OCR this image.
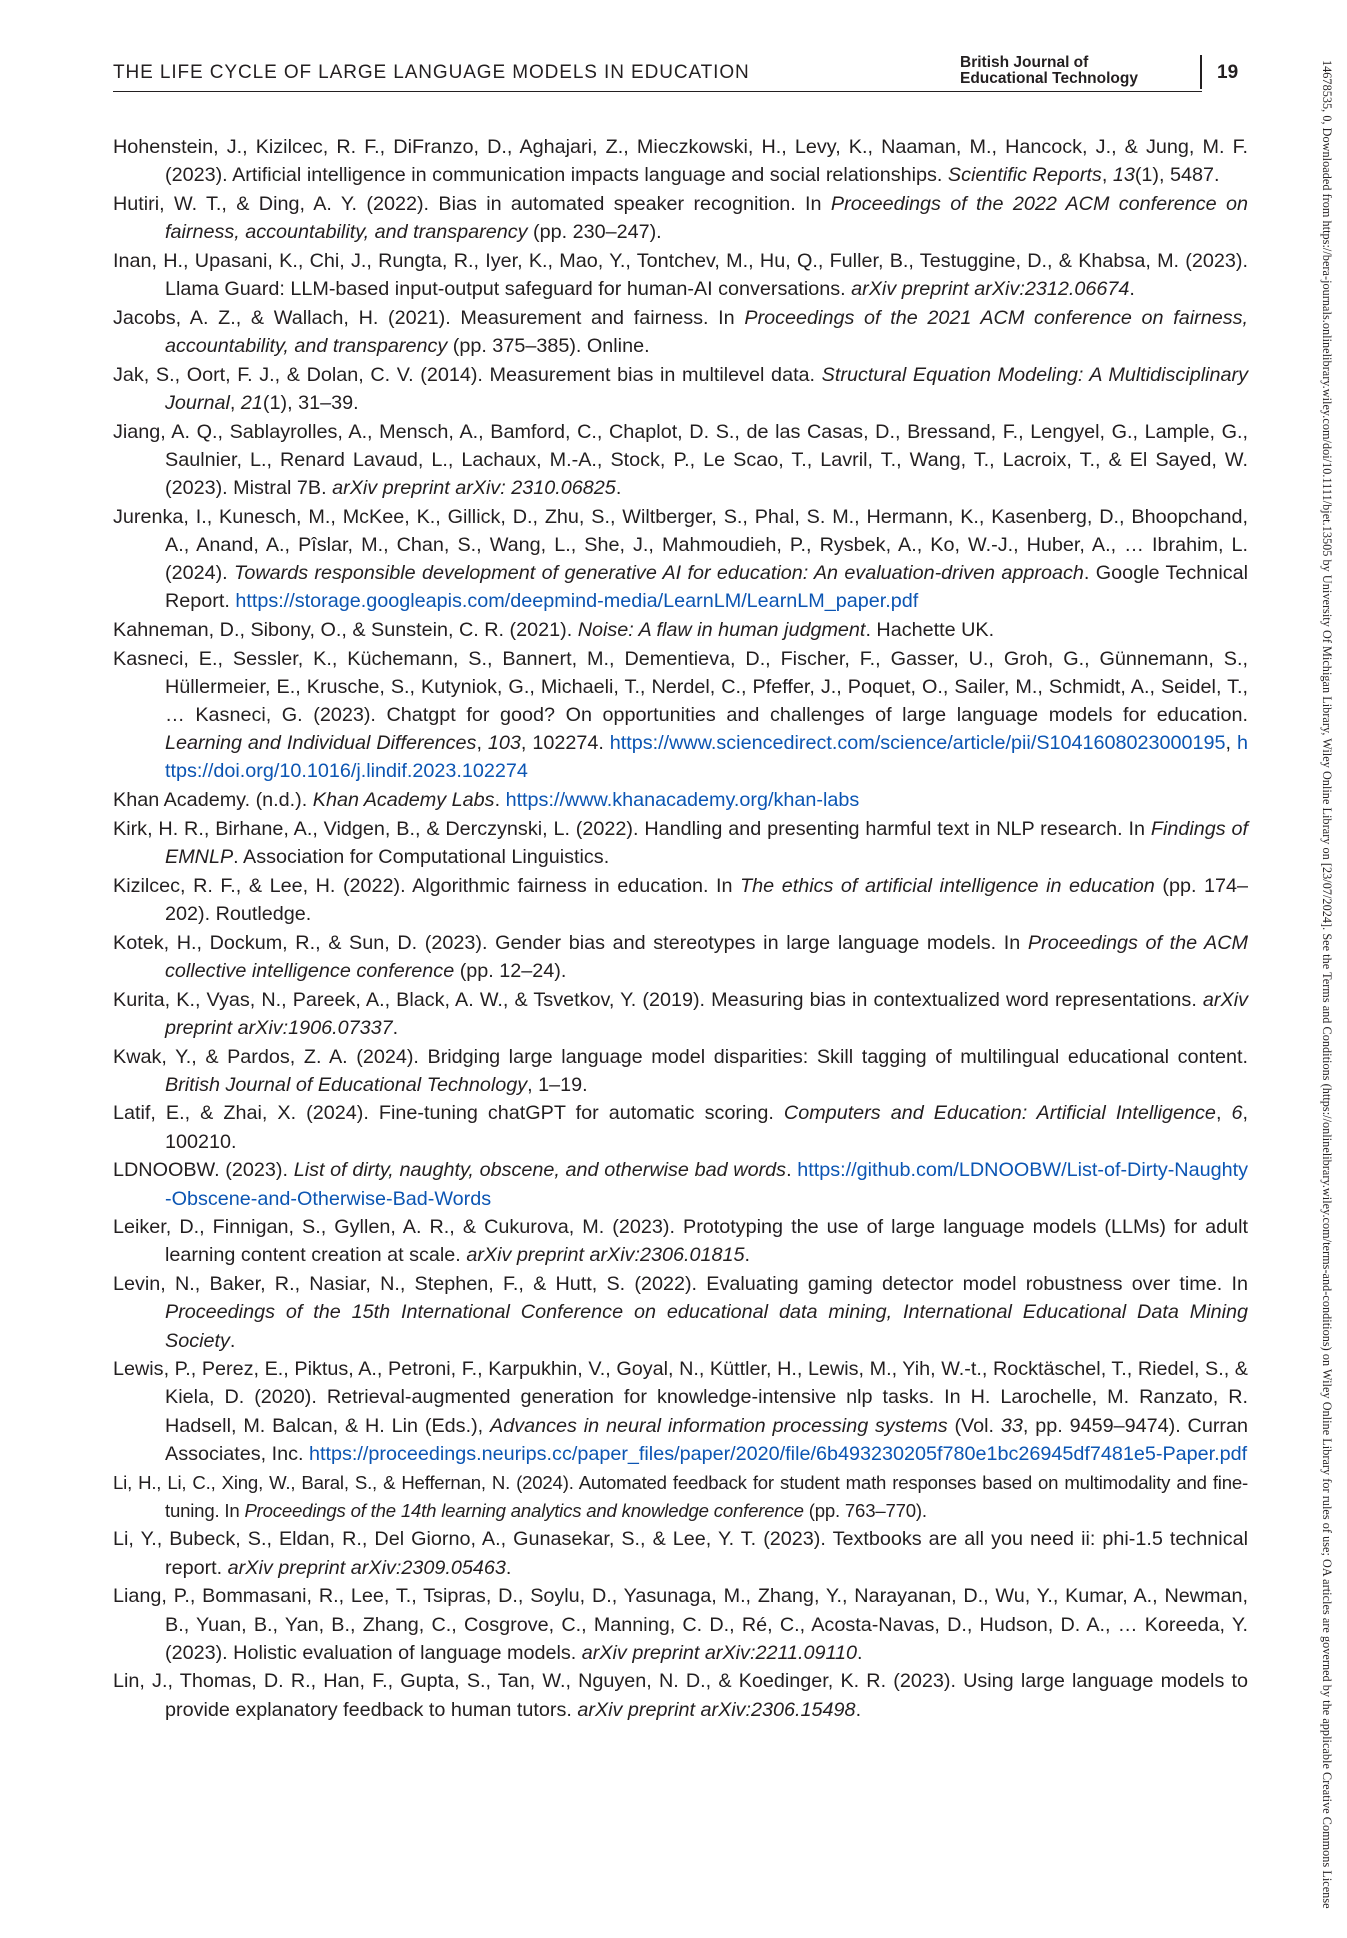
THE LIFE CYCLE OF LARGE LANGUAGE MODELS IN EDUCATION	British Journal of
Educational Technology	19
Hohenstein, J., Kizilcec, R. F., DiFranzo, D., Aghajari, Z., Mieczkowski, H., Levy, K., Naaman, M., Hancock, J., & Jung, M. F. (2023). Artificial intelligence in communication impacts language and social relationships. Scientific Reports, 13(1), 5487.
Hutiri, W. T., & Ding, A. Y. (2022). Bias in automated speaker recognition. In Proceedings of the 2022 ACM conference on fairness, accountability, and transparency (pp. 230–247).
Inan, H., Upasani, K., Chi, J., Rungta, R., Iyer, K., Mao, Y., Tontchev, M., Hu, Q., Fuller, B., Testuggine, D., & Khabsa, M. (2023). Llama Guard: LLM-based input-output safeguard for human-AI conversations. arXiv preprint arXiv:2312.06674.
Jacobs, A. Z., & Wallach, H. (2021). Measurement and fairness. In Proceedings of the 2021 ACM conference on fairness, accountability, and transparency (pp. 375–385). Online.
Jak, S., Oort, F. J., & Dolan, C. V. (2014). Measurement bias in multilevel data. Structural Equation Modeling: A Multidisciplinary Journal, 21(1), 31–39.
Jiang, A. Q., Sablayrolles, A., Mensch, A., Bamford, C., Chaplot, D. S., de las Casas, D., Bressand, F., Lengyel, G., Lample, G., Saulnier, L., Renard Lavaud, L., Lachaux, M.-A., Stock, P., Le Scao, T., Lavril, T., Wang, T., Lacroix, T., & El Sayed, W. (2023). Mistral 7B. arXiv preprint arXiv: 2310.06825.
Jurenka, I., Kunesch, M., McKee, K., Gillick, D., Zhu, S., Wiltberger, S., Phal, S. M., Hermann, K., Kasenberg, D., Bhoopchand, A., Anand, A., Pîslar, M., Chan, S., Wang, L., She, J., Mahmoudieh, P., Rysbek, A., Ko, W.-J., Huber, A., … Ibrahim, L. (2024). Towards responsible development of generative AI for education: An evaluation-driven approach. Google Technical Report. https://storage.googleapis.com/deepmind-media/LearnLM/LearnLM_paper.pdf
Kahneman, D., Sibony, O., & Sunstein, C. R. (2021). Noise: A flaw in human judgment. Hachette UK.
Kasneci, E., Sessler, K., Küchemann, S., Bannert, M., Dementieva, D., Fischer, F., Gasser, U., Groh, G., Günnemann, S., Hüllermeier, E., Krusche, S., Kutyniok, G., Michaeli, T., Nerdel, C., Pfeffer, J., Poquet, O., Sailer, M., Schmidt, A., Seidel, T., … Kasneci, G. (2023). Chatgpt for good? On opportunities and challenges of large language models for education. Learning and Individual Differences, 103, 102274. https://www.sciencedirect.com/science/article/pii/S1041608023000195, https://doi.org/10.1016/j.lindif.2023.102274
Khan Academy. (n.d.). Khan Academy Labs. https://www.khanacademy.org/khan-labs
Kirk, H. R., Birhane, A., Vidgen, B., & Derczynski, L. (2022). Handling and presenting harmful text in NLP research. In Findings of EMNLP. Association for Computational Linguistics.
Kizilcec, R. F., & Lee, H. (2022). Algorithmic fairness in education. In The ethics of artificial intelligence in education (pp. 174–202). Routledge.
Kotek, H., Dockum, R., & Sun, D. (2023). Gender bias and stereotypes in large language models. In Proceedings of the ACM collective intelligence conference (pp. 12–24).
Kurita, K., Vyas, N., Pareek, A., Black, A. W., & Tsvetkov, Y. (2019). Measuring bias in contextualized word representations. arXiv preprint arXiv:1906.07337.
Kwak, Y., & Pardos, Z. A. (2024). Bridging large language model disparities: Skill tagging of multilingual educational content. British Journal of Educational Technology, 1–19.
Latif, E., & Zhai, X. (2024). Fine-tuning chatGPT for automatic scoring. Computers and Education: Artificial Intelligence, 6, 100210.
LDNOOBW. (2023). List of dirty, naughty, obscene, and otherwise bad words. https://github.com/LDNOOBW/List-of-Dirty-Naughty-Obscene-and-Otherwise-Bad-Words
Leiker, D., Finnigan, S., Gyllen, A. R., & Cukurova, M. (2023). Prototyping the use of large language models (LLMs) for adult learning content creation at scale. arXiv preprint arXiv:2306.01815.
Levin, N., Baker, R., Nasiar, N., Stephen, F., & Hutt, S. (2022). Evaluating gaming detector model robustness over time. In Proceedings of the 15th International Conference on educational data mining, International Educational Data Mining Society.
Lewis, P., Perez, E., Piktus, A., Petroni, F., Karpukhin, V., Goyal, N., Küttler, H., Lewis, M., Yih, W.-t., Rocktäschel, T., Riedel, S., & Kiela, D. (2020). Retrieval-augmented generation for knowledge-intensive nlp tasks. In H. Larochelle, M. Ranzato, R. Hadsell, M. Balcan, & H. Lin (Eds.), Advances in neural information processing systems (Vol. 33, pp. 9459–9474). Curran Associates, Inc. https://proceedings.neurips.cc/paper_files/paper/2020/file/6b493230205f780e1bc26945df7481e5-Paper.pdf
Li, H., Li, C., Xing, W., Baral, S., & Heffernan, N. (2024). Automated feedback for student math responses based on multimodality and fine-tuning. In Proceedings of the 14th learning analytics and knowledge conference (pp. 763–770).
Li, Y., Bubeck, S., Eldan, R., Del Giorno, A., Gunasekar, S., & Lee, Y. T. (2023). Textbooks are all you need ii: phi-1.5 technical report. arXiv preprint arXiv:2309.05463.
Liang, P., Bommasani, R., Lee, T., Tsipras, D., Soylu, D., Yasunaga, M., Zhang, Y., Narayanan, D., Wu, Y., Kumar, A., Newman, B., Yuan, B., Yan, B., Zhang, C., Cosgrove, C., Manning, C. D., Ré, C., Acosta-Navas, D., Hudson, D. A., … Koreeda, Y. (2023). Holistic evaluation of language models. arXiv preprint arXiv:2211.09110.
Lin, J., Thomas, D. R., Han, F., Gupta, S., Tan, W., Nguyen, N. D., & Koedinger, K. R. (2023). Using large language models to provide explanatory feedback to human tutors. arXiv preprint arXiv:2306.15498.	14678535, 0, Downloaded from https://bera-journals.onlinelibrary.wiley.com/doi/10.1111/bjet.13505 by University Of Michigan Library, Wiley Online Library on [23/07/2024]. See the Terms and Conditions (https://onlinelibrary.wiley.com/terms-and-conditions) on Wiley Online Library for rules of use; OA articles are governed by the applicable Creative Commons License
